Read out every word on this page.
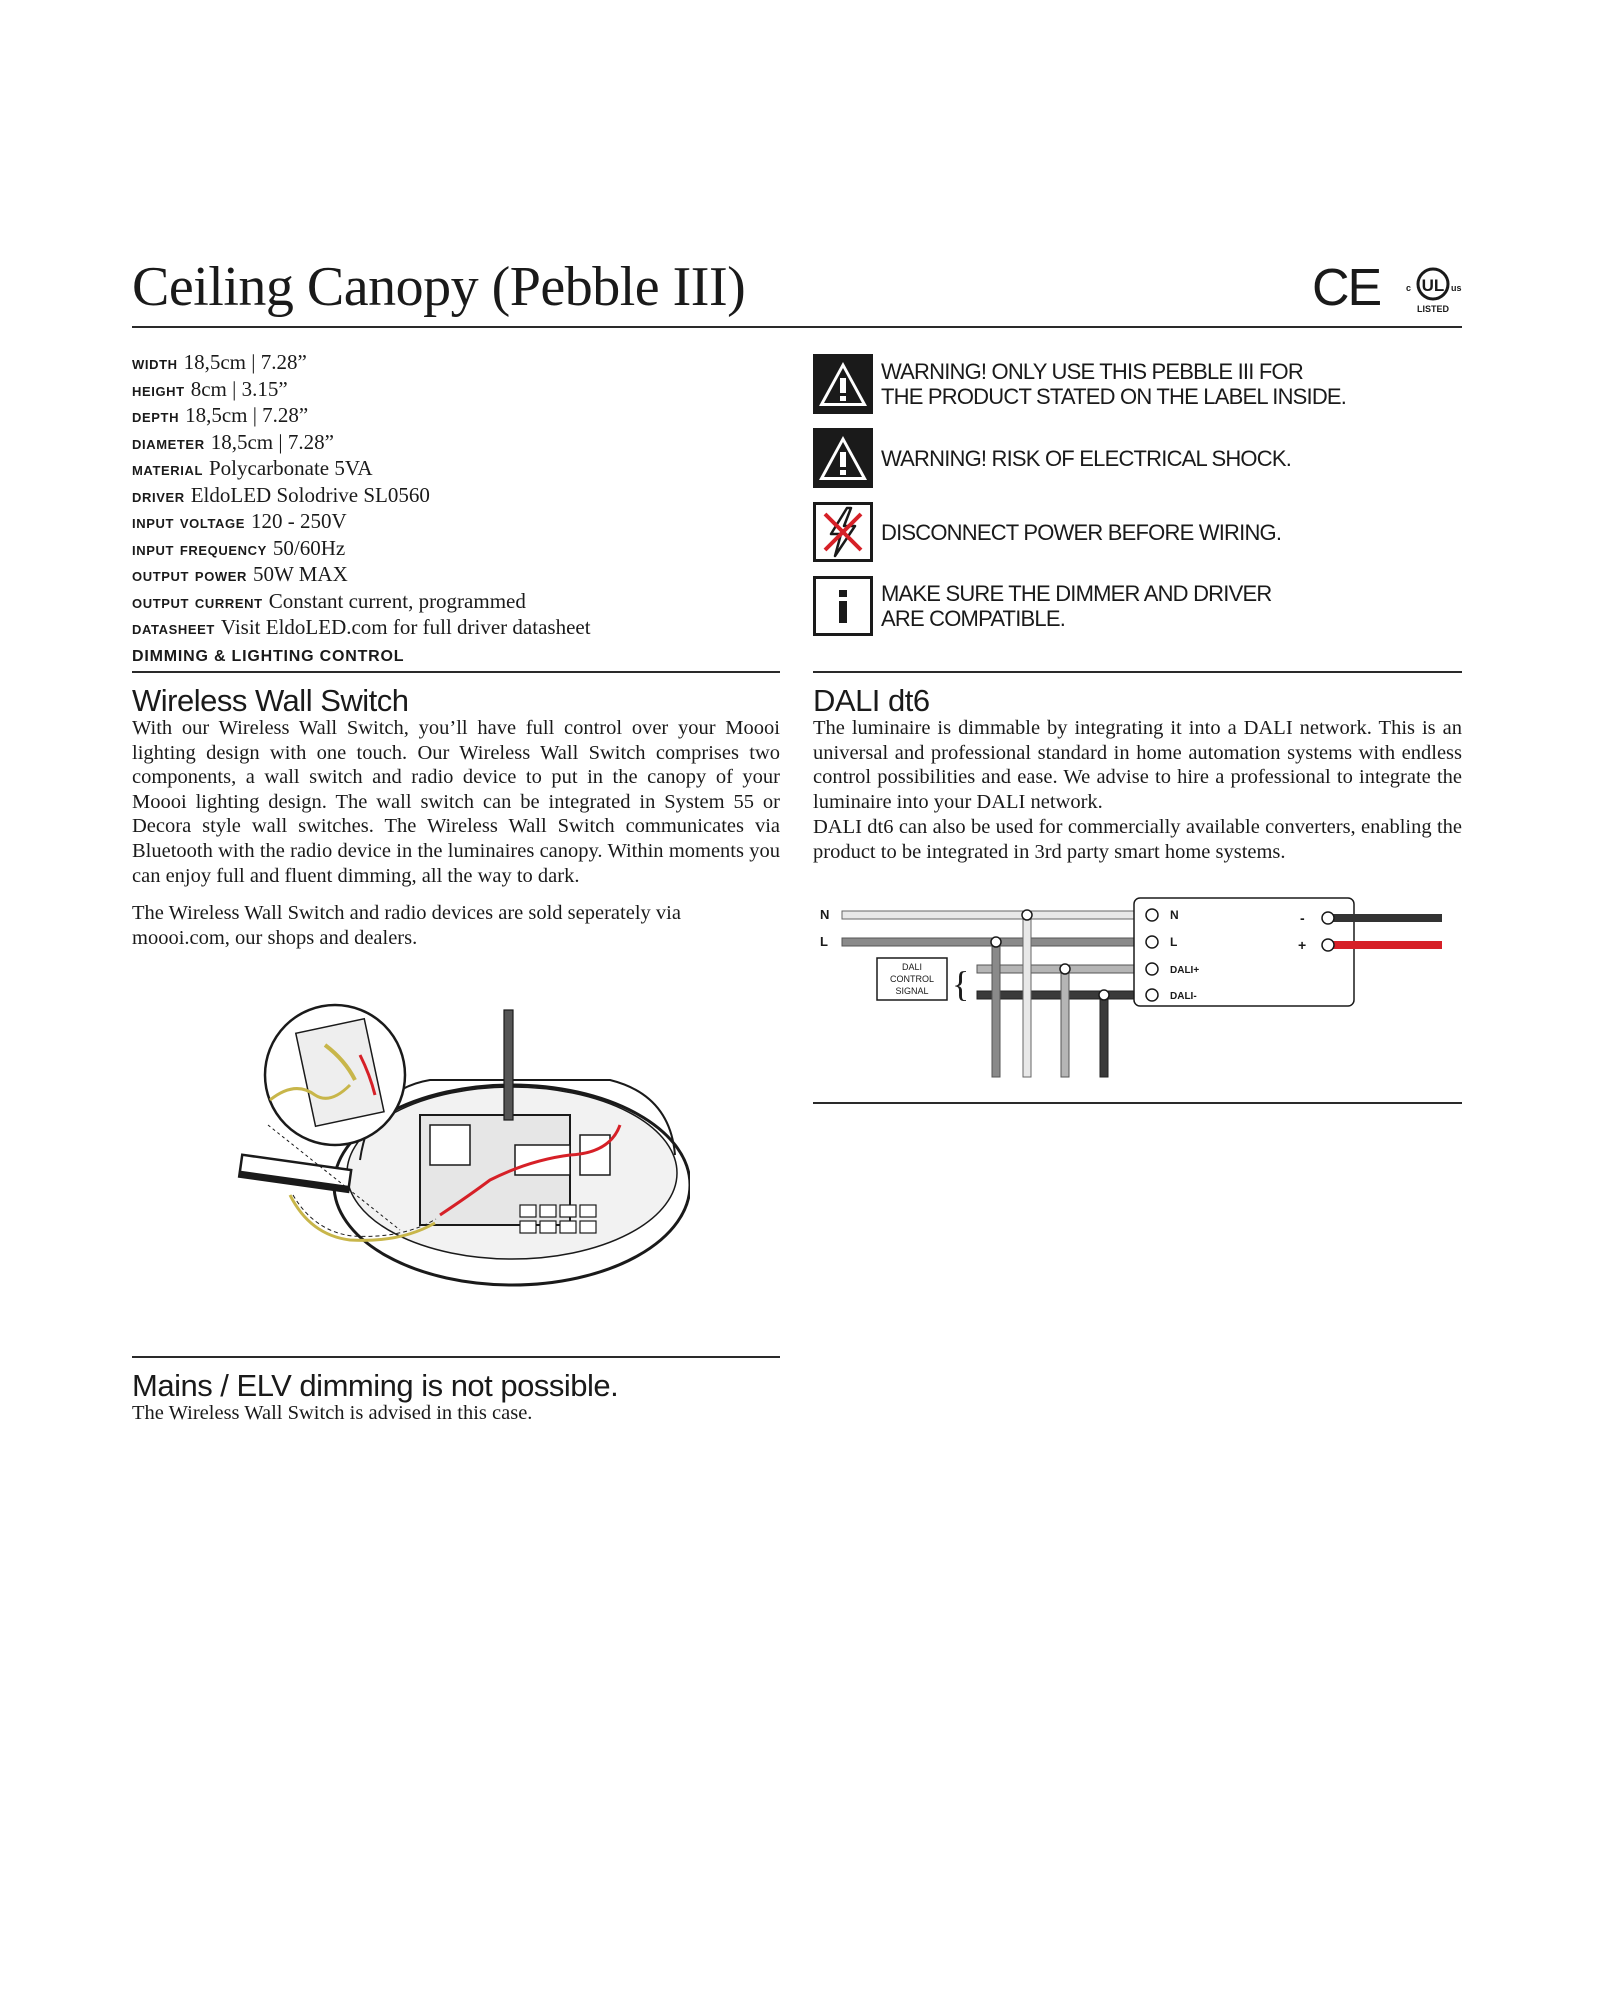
Ceiling Canopy (Pebble III)	CE UL
c	us
LISTED
width 18,5cm | 7.28”
height 8cm | 3.15”
depth 18,5cm | 7.28”
diameter 18,5cm | 7.28”
material Polycarbonate 5VA
driver EldoLED Solodrive SL0560
input voltage 120 - 250V
input frequency 50/60Hz
output power 50W MAX
output current Constant current, programmed
datasheet Visit EldoLED.com for full driver datasheet
WARNING! ONLY USE THIS PEBBLE III FOR
THE PRODUCT STATED ON THE LABEL INSIDE.
WARNING! RISK OF ELECTRICAL SHOCK.
DISCONNECT POWER BEFORE WIRING.
MAKE SURE THE DIMMER AND DRIVER
ARE COMPATIBLE.
DIMMING & LIGHTING CONTROL
Wireless Wall Switch

With our Wireless Wall Switch, you’ll have full control over your Moooi lighting design with one touch. Our Wireless Wall Switch comprises two components, a wall switch and radio device to put in the canopy of your Moooi lighting design. The wall switch can be integrated in System 55 or Decora style wall switches. The Wireless Wall Switch communicates via Bluetooth with the radio device in the luminaires canopy. Within moments you can enjoy full and fluent dimming, all the way to dark.

The Wireless Wall Switch and radio devices are sold seperately via moooi.com, our shops and dealers.

Mains / ELV dimming is not possible.

The Wireless Wall Switch is advised in this case.

DALI dt6

The luminaire is dimmable by integrating it into a DALI network. This is an universal and professional standard in home automation systems with endless control possibilities and ease. We advise to hire a professional to integrate the luminaire into your DALI network.

DALI dt6 can also be used for commercially available converters, enabling the product to be integrated in 3rd party smart home systems.

N
L
DALI
CONTROL
SIGNAL {
N
L
DALI+
DALI-
-
+
